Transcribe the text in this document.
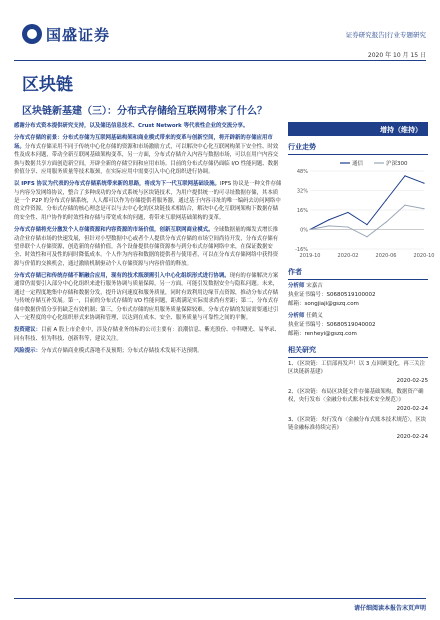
国盛证券	证券研究报告|行业专题研究
2020 年 10 月 15 日
区块链
区块链新基建（三）：分布式存储给互联网带来了什么？

感谢分布式资本提供研究支持，以及储迅信息技术、Crust Network 等代表性企业的交流分享。

分布式存储的前景：分布式存储为互联网基础构架和商业模式带来的变革与创新空间，将开辟新的存储应用市场。分布式存储采用不同于传统中心化存储的资源和市场激励方式，可以解决中心化互联网构架下安全性、时效性及成本问题，带动全新互联网基础架构变革，另一方面，分布式存储介入内容与数据市场，可以在用户内容交换与数据共享方面创造新空间，开辟全新的存储空间和应用市场。目前的分布式存储仍面临 I/O 性能问题、数据价值分享、应用服务质量等技术瓶颈，在实际应用中需要引入中心化组织进行协调。

以 IPFS 协议为代表的分布式存储系统带来新的思路，将成为下一代互联网基础设施。IPFS 协议是一种文件存储与内容分发网络协议，整合了多种成功的分布式系统与区块链技术，为用户提供统一的可寻址数据存储，其本质是一个 P2P 的分布式存储系统，人人都可以作为存储提供者服务器，通过基于内容寻址的唯一编码去访问网络中的文件资源。分布式存储的核心理念是可以与去中心化的区块链技术相结合，解决中心化互联网架构下数据存储的安全性、用户协作的时效性和存储与带宽成本的问题，将带来互联网基础架构的变革。

分布式存储将充分激发个人存储资源和内容资源的市场价值，创新互联网商业模式。全球数据量的爆发式增长推动企业存储市场的快速发展，但针对小型数据中心或者个人提供分布式存储的市场空间尚待开发，分布式存储有望串联个人存储资源，创造新的存储价值。各个设备提供存储资源参与到分布式存储网络中来，在保证数据安全、时效性和可及性的同时降低成本。个人作为内容和数据的提供者与使用者，可以在分布式存储网络中获得资源与价值的交换机会，通过激励机制驱动个人存储资源与内容价值的释放。

分布式存储已和传统存储不断融合应用，现有的技术瓶颈需引入中心化组织形式进行协调。现有的存储解决方案通常仍需要引入部分中心化组织来进行服务协调与质量保障，另一方面，可能引发数据安全与隐私问题。未来，通过一定程度地集中存储和数据分发，提升访问速度和服务质量，同时有效利用边缘节点资源，推动分布式存储与传统存储互补发展。第一，目前的分布式存储的 I/O 性能问题，距离满足实际需求尚有差距；第二，分布式存储中数据价值分享仍缺乏有效机制；第三，分布式存储的应用服务质量保障较难。分布式存储的发展需要通过引入一定程度的中心化组织形式来协调和管理，以达到在成本、安全、服务质量与可靠性之间的平衡。

投资建议：目前 A 股上市企业中，涉及存储业务的标的公司主要有：浪潮信息、紫光股份、中科曙光、易华录、同有科技、恒为科技、创新科等，建议关注。

风险提示：分布式存储商业模式落地不及预期；分布式存储技术发展不达预期。

增持（维持）
行业走势
通信	沪深300
48%
32%
16%
0%
-16%
2019-10	2020-02	2020-06	2020-10
作者
分析师 宋嘉吉
执业证书编号：S0680519100002
邮箱：songjiaji@gszq.com
分析师 任鹤义
执业证书编号：S0680519040002
邮箱：renheyi@gszq.com
相关研究
1、《区块链：工信部再发声！以 3 点回顾变化，再三关注区块链新基建》
2020-02-25
2、《区块链：布局区块链文件存储基础架构，数据资产确权，央行发布〈金融分布式账本技术安全规范〉》
2020-02-24
3、《区块链：央行发布〈金融分布式账本技术规范〉，区块链金融标准持续完善》
2020-02-24
请仔细阅读本报告末页声明
